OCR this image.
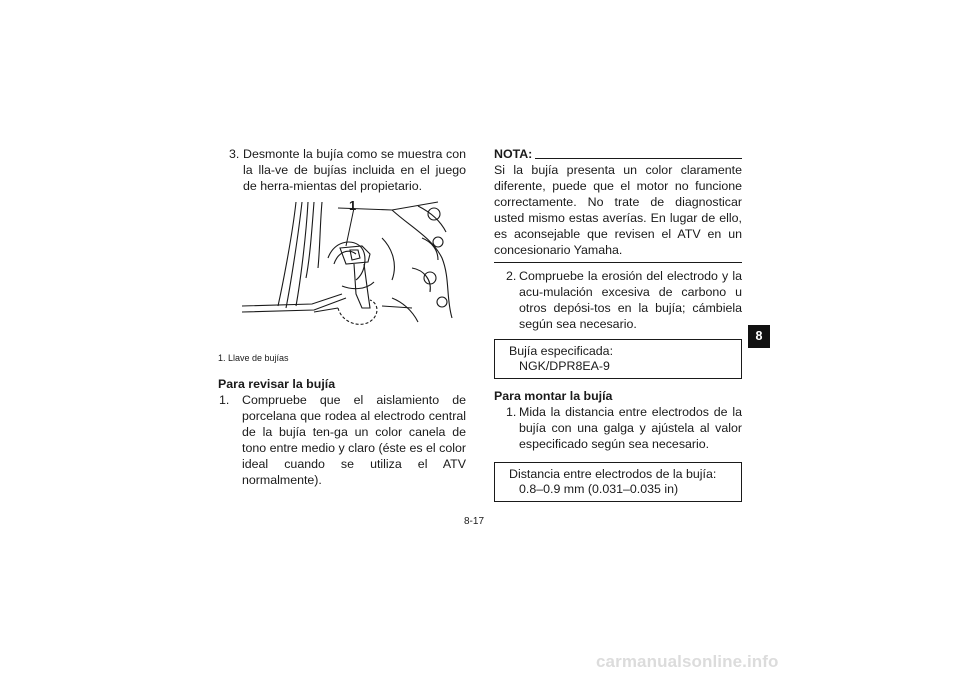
3. Desmonte la bujía como se muestra con la lla-ve de bujías incluida en el juego de herra-mientas del propietario.
1
1. Llave de bujías
Para revisar la bujía
1. Compruebe que el aislamiento de porcelana que rodea al electrodo central de la bujía ten-ga un color canela de tono entre medio y claro (éste es el color ideal cuando se utiliza el ATV normalmente).
NOTA:
Si la bujía presenta un color claramente diferente, puede que el motor no funcione correctamente. No trate de diagnosticar usted mismo estas averías. En lugar de ello, es aconsejable que revisen el ATV en un concesionario Yamaha.
2. Compruebe la erosión del electrodo y la acu-mulación excesiva de carbono u otros depósi-tos en la bujía; cámbiela según sea necesario.
Bujía especificada:
NGK/DPR8EA-9
Para montar la bujía
1. Mida la distancia entre electrodos de la bujía con una galga y ajústela al valor especificado según sea necesario.
Distancia entre electrodos de la bujía:
0.8–0.9 mm (0.031–0.035 in)
8
8-17
carmanualsonline.info
